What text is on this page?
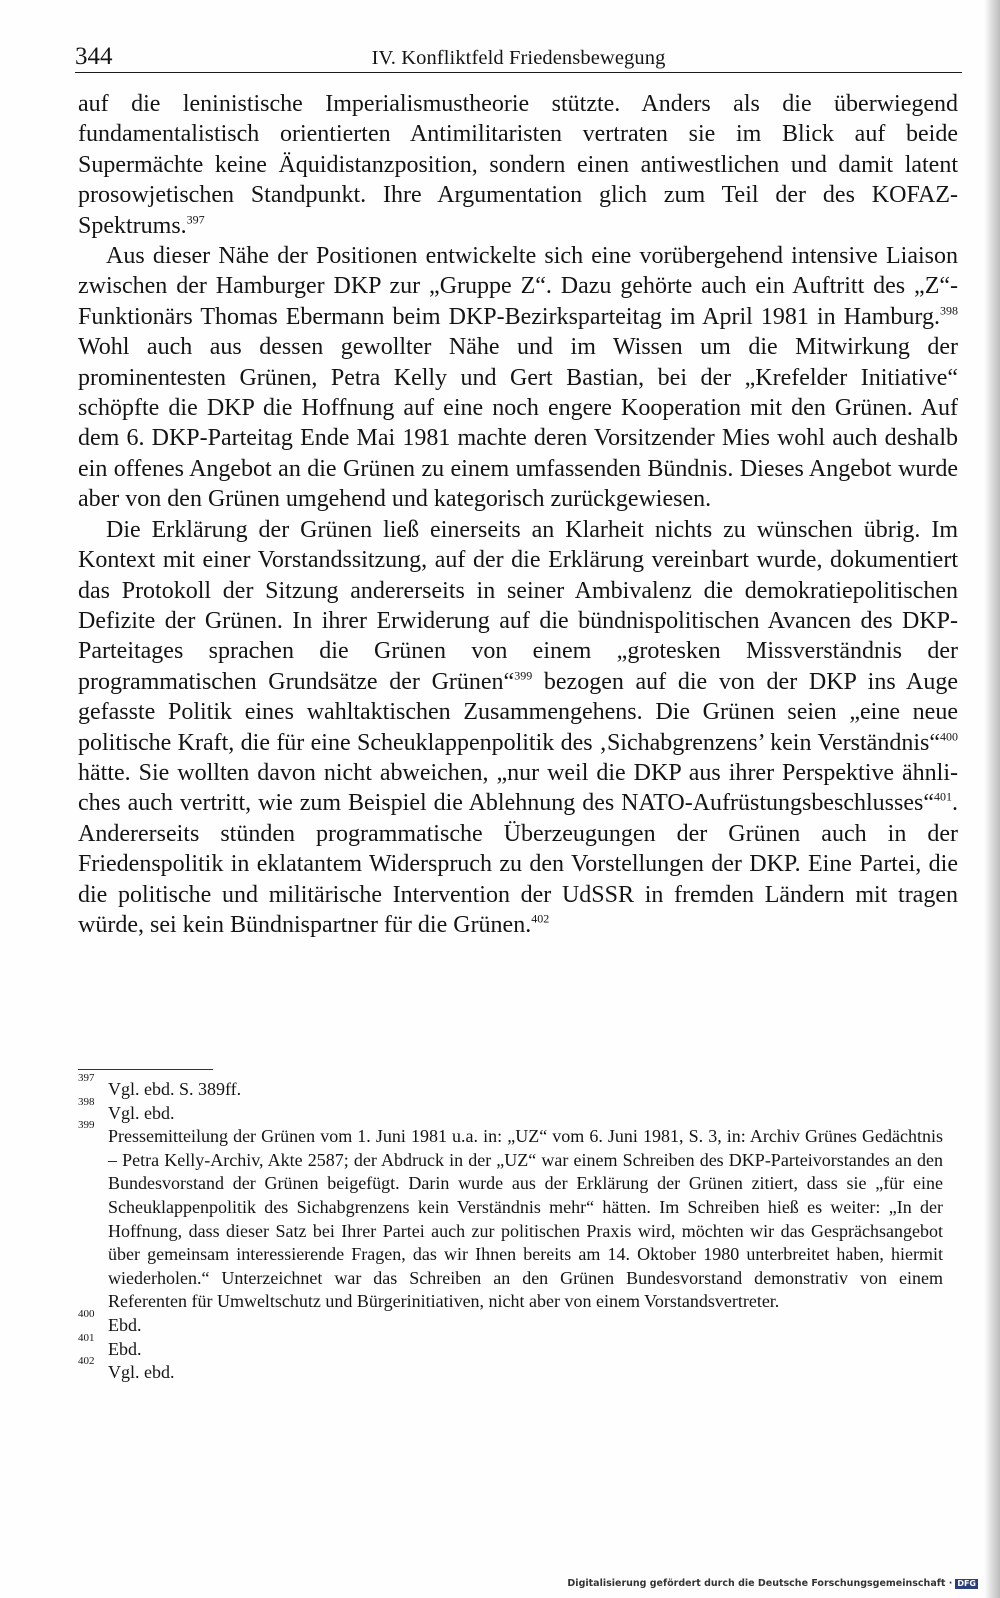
344	IV. Konfliktfeld Friedensbewegung

auf die leninistische Imperialismustheorie stützte. Anders als die überwiegend fundamentalistisch orientierten Antimilitaristen vertraten sie im Blick auf beide Supermächte keine Äquidistanzposition, sondern einen antiwestlichen und damit latent prosowjetischen Standpunkt. Ihre Argumentation glich zum Teil der des KOFAZ-Spektrums.$^{397}$

Aus dieser Nähe der Positionen entwickelte sich eine vorübergehend intensive Liaison zwischen der Hamburger DKP zur „Gruppe Z“. Dazu gehörte auch ein Auftritt des „Z“-Funktionärs Thomas Ebermann beim DKP-Bezirksparteitag im April 1981 in Hamburg.$^{398}$ Wohl auch aus dessen gewollter Nähe und im Wissen um die Mitwirkung der prominentesten Grünen, Petra Kelly und Gert Bastian, bei der „Krefelder Initiative“ schöpfte die DKP die Hoffnung auf eine noch engere Kooperation mit den Grünen. Auf dem 6. DKP-Parteitag Ende Mai 1981 machte deren Vorsitzender Mies wohl auch deshalb ein offenes Angebot an die Grünen zu einem umfassenden Bündnis. Dieses Angebot wurde aber von den Grünen umgehend und kategorisch zurückgewiesen.

Die Erklärung der Grünen ließ einerseits an Klarheit nichts zu wünschen übrig. Im Kontext mit einer Vorstandssitzung, auf der die Erklärung vereinbart wurde, dokumentiert das Protokoll der Sitzung andererseits in seiner Ambivalenz die demokratiepolitischen Defizite der Grünen. In ihrer Erwiderung auf die bündnispolitischen Avancen des DKP-Parteitages sprachen die Grünen von einem „grotesken Missverständnis der programmatischen Grundsätze der Grünen“$^{399}$ bezogen auf die von der DKP ins Auge gefasste Politik eines wahltaktischen Zusammengehens. Die Grünen seien „eine neue politische Kraft, die für eine Scheuklappenpolitik des ‚Sichabgrenzens’ kein Verständnis“$^{400}$ hätte. Sie wollten davon nicht abweichen, „nur weil die DKP aus ihrer Perspektive ähnliches auch vertritt, wie zum Beispiel die Ablehnung des NATO-Aufrüstungsbeschlusses“$^{401}$. Andererseits stünden programmatische Überzeugungen der Grünen auch in der Friedenspolitik in eklatantem Widerspruch zu den Vorstellungen der DKP. Eine Partei, die die politische und militärische Intervention der UdSSR in fremden Ländern mit tragen würde, sei kein Bündnispartner für die Grünen.$^{402}$

397
Vgl. ebd. S. 389ff.
398
Vgl. ebd.
399
Pressemitteilung der Grünen vom 1. Juni 1981 u.a. in: „UZ“ vom 6. Juni 1981, S. 3, in: Archiv Grünes Gedächtnis – Petra Kelly-Archiv, Akte 2587; der Abdruck in der „UZ“ war einem Schreiben des DKP-Parteivorstandes an den Bundesvorstand der Grünen beigefügt. Darin wurde aus der Erklärung der Grünen zitiert, dass sie „für eine Scheuklappenpolitik des Sichabgrenzens kein Verständnis mehr“ hätten. Im Schreiben hieß es weiter: „In der Hoffnung, dass dieser Satz bei Ihrer Partei auch zur politischen Praxis wird, möchten wir das Gesprächsangebot über gemeinsam interessierende Fragen, das wir Ihnen bereits am 14. Oktober 1980 unterbreitet haben, hiermit wiederholen.“ Unterzeichnet war das Schreiben an den Grünen Bundesvorstand demonstrativ von einem Referenten für Umweltschutz und Bürgerinitiativen, nicht aber von einem Vorstandsvertreter.
400
Ebd.
401
Ebd.
402
Vgl. ebd.
Digitalisierung gefördert durch die Deutsche Forschungsgemeinschaft · DFG
